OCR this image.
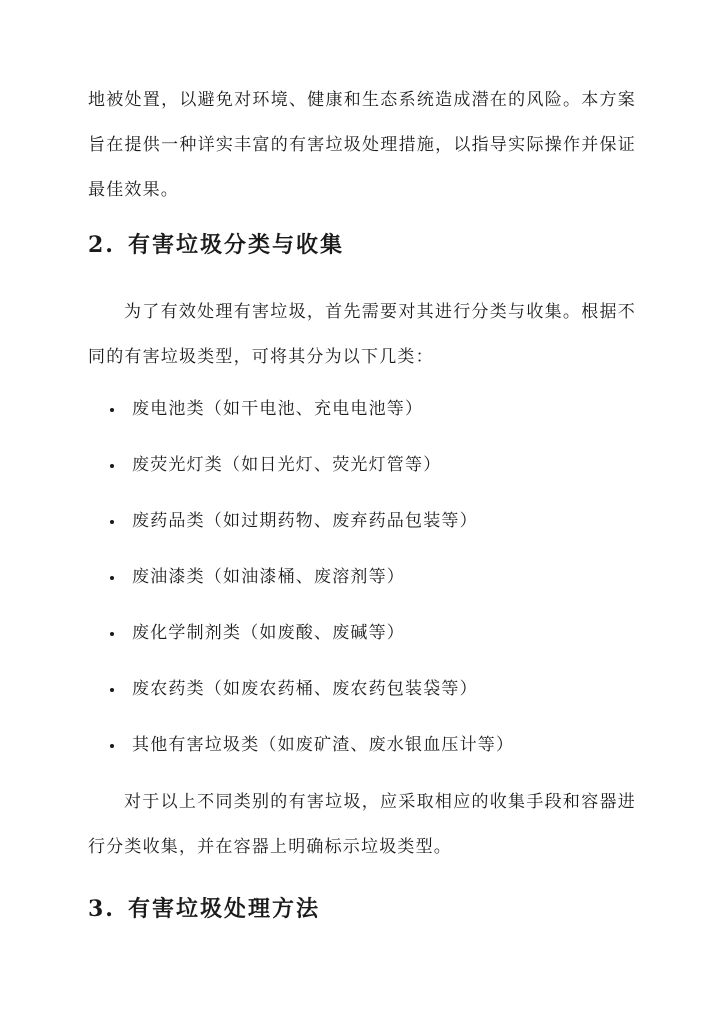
地被处置，以避免对环境、健康和生态系统造成潜在的风险。本方案旨在提供一种详实丰富的有害垃圾处理措施，以指导实际操作并保证最佳效果。

2. 有害垃圾分类与收集

为了有效处理有害垃圾，首先需要对其进行分类与收集。根据不同的有害垃圾类型，可将其分为以下几类：

废电池类（如干电池、充电电池等）
废荧光灯类（如日光灯、荧光灯管等）
废药品类（如过期药物、废弃药品包装等）
废油漆类（如油漆桶、废溶剂等）
废化学制剂类（如废酸、废碱等）
废农药类（如废农药桶、废农药包装袋等）
其他有害垃圾类（如废矿渣、废水银血压计等）

对于以上不同类别的有害垃圾，应采取相应的收集手段和容器进行分类收集，并在容器上明确标示垃圾类型。

3. 有害垃圾处理方法
